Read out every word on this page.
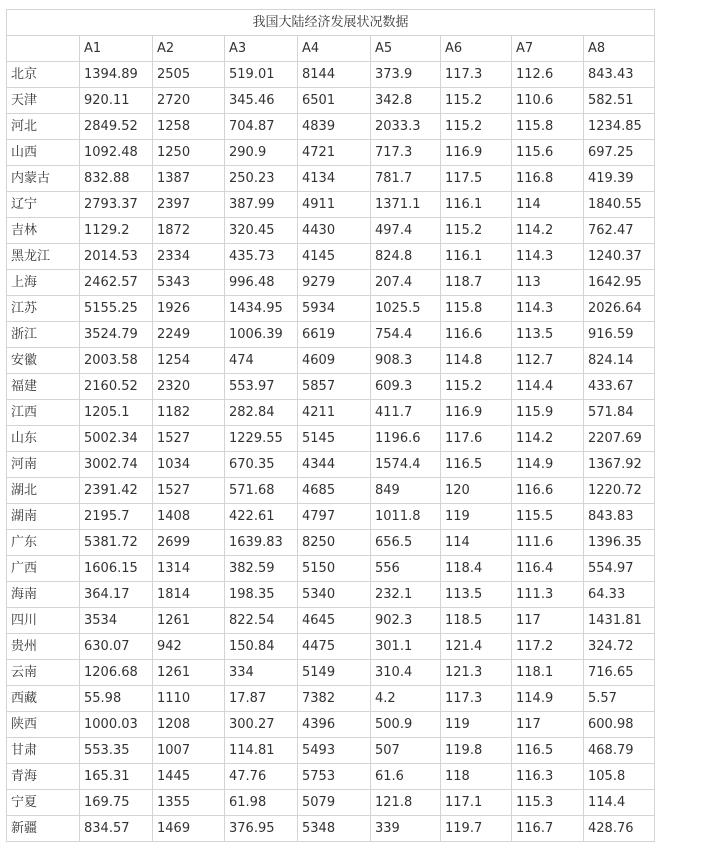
我国大陆经济发展状况数据								
	A1	A2	A3	A4	A5	A6	A7	A8
北京	1394.89	2505	519.01	8144	373.9	117.3	112.6	843.43
天津	920.11	2720	345.46	6501	342.8	115.2	110.6	582.51
河北	2849.52	1258	704.87	4839	2033.3	115.2	115.8	1234.85
山西	1092.48	1250	290.9	4721	717.3	116.9	115.6	697.25
内蒙古	832.88	1387	250.23	4134	781.7	117.5	116.8	419.39
辽宁	2793.37	2397	387.99	4911	1371.1	116.1	114	1840.55
吉林	1129.2	1872	320.45	4430	497.4	115.2	114.2	762.47
黑龙江	2014.53	2334	435.73	4145	824.8	116.1	114.3	1240.37
上海	2462.57	5343	996.48	9279	207.4	118.7	113	1642.95
江苏	5155.25	1926	1434.95	5934	1025.5	115.8	114.3	2026.64
浙江	3524.79	2249	1006.39	6619	754.4	116.6	113.5	916.59
安徽	2003.58	1254	474	4609	908.3	114.8	112.7	824.14
福建	2160.52	2320	553.97	5857	609.3	115.2	114.4	433.67
江西	1205.1	1182	282.84	4211	411.7	116.9	115.9	571.84
山东	5002.34	1527	1229.55	5145	1196.6	117.6	114.2	2207.69
河南	3002.74	1034	670.35	4344	1574.4	116.5	114.9	1367.92
湖北	2391.42	1527	571.68	4685	849	120	116.6	1220.72
湖南	2195.7	1408	422.61	4797	1011.8	119	115.5	843.83
广东	5381.72	2699	1639.83	8250	656.5	114	111.6	1396.35
广西	1606.15	1314	382.59	5150	556	118.4	116.4	554.97
海南	364.17	1814	198.35	5340	232.1	113.5	111.3	64.33
四川	3534	1261	822.54	4645	902.3	118.5	117	1431.81
贵州	630.07	942	150.84	4475	301.1	121.4	117.2	324.72
云南	1206.68	1261	334	5149	310.4	121.3	118.1	716.65
西藏	55.98	1110	17.87	7382	4.2	117.3	114.9	5.57
陕西	1000.03	1208	300.27	4396	500.9	119	117	600.98
甘肃	553.35	1007	114.81	5493	507	119.8	116.5	468.79
青海	165.31	1445	47.76	5753	61.6	118	116.3	105.8
宁夏	169.75	1355	61.98	5079	121.8	117.1	115.3	114.4
新疆	834.57	1469	376.95	5348	339	119.7	116.7	428.76
